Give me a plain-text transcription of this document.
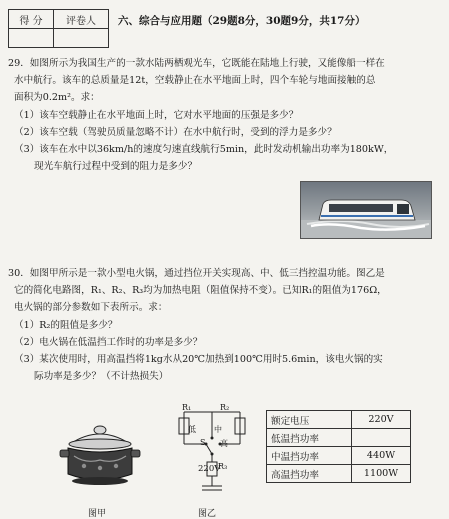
得 分	评卷人
	六、综合与应用题（29题8分，30题9分，共17分）
29．如图所示为我国生产的一款水陆两栖观光车，它既能在陆地上行驶，又能像船一样在
水中航行。该车的总质量是12t，空载静止在水平地面上时，四个车轮与地面接触的总
面积为0.2m²。求：
（1）该车空载静止在水平地面上时，它对水平地面的压强是多少？
（2）该车空载（驾驶员质量忽略不计）在水中航行时，受到的浮力是多少？
（3）该车在水中以36km/h的速度匀速直线航行5min，此时发动机输出功率为180kW，
现光车航行过程中受到的阻力是多少？
30．如图甲所示是一款小型电火锅，通过挡位开关实现高、中、低三挡控温功能。图乙是
它的简化电路图，R₁、R₂、R₃均为加热电阻（阻值保持不变）。已知R₁的阻值为176Ω，
电火锅的部分参数如下表所示。求：
（1）R₂的阻值是多少？
（2）电火锅在低温挡工作时的功率是多少？
（3）某次使用时，用高温挡将1kg水从20℃加热到100℃用时5.6min，该电火锅的实
际功率是多少？（不计热损失）
图甲
R₁	R₂
低 中
高
S
R₃
220V
图乙
额定电压	220V
低温挡功率	
中温挡功率	440W
高温挡功率	1100W
